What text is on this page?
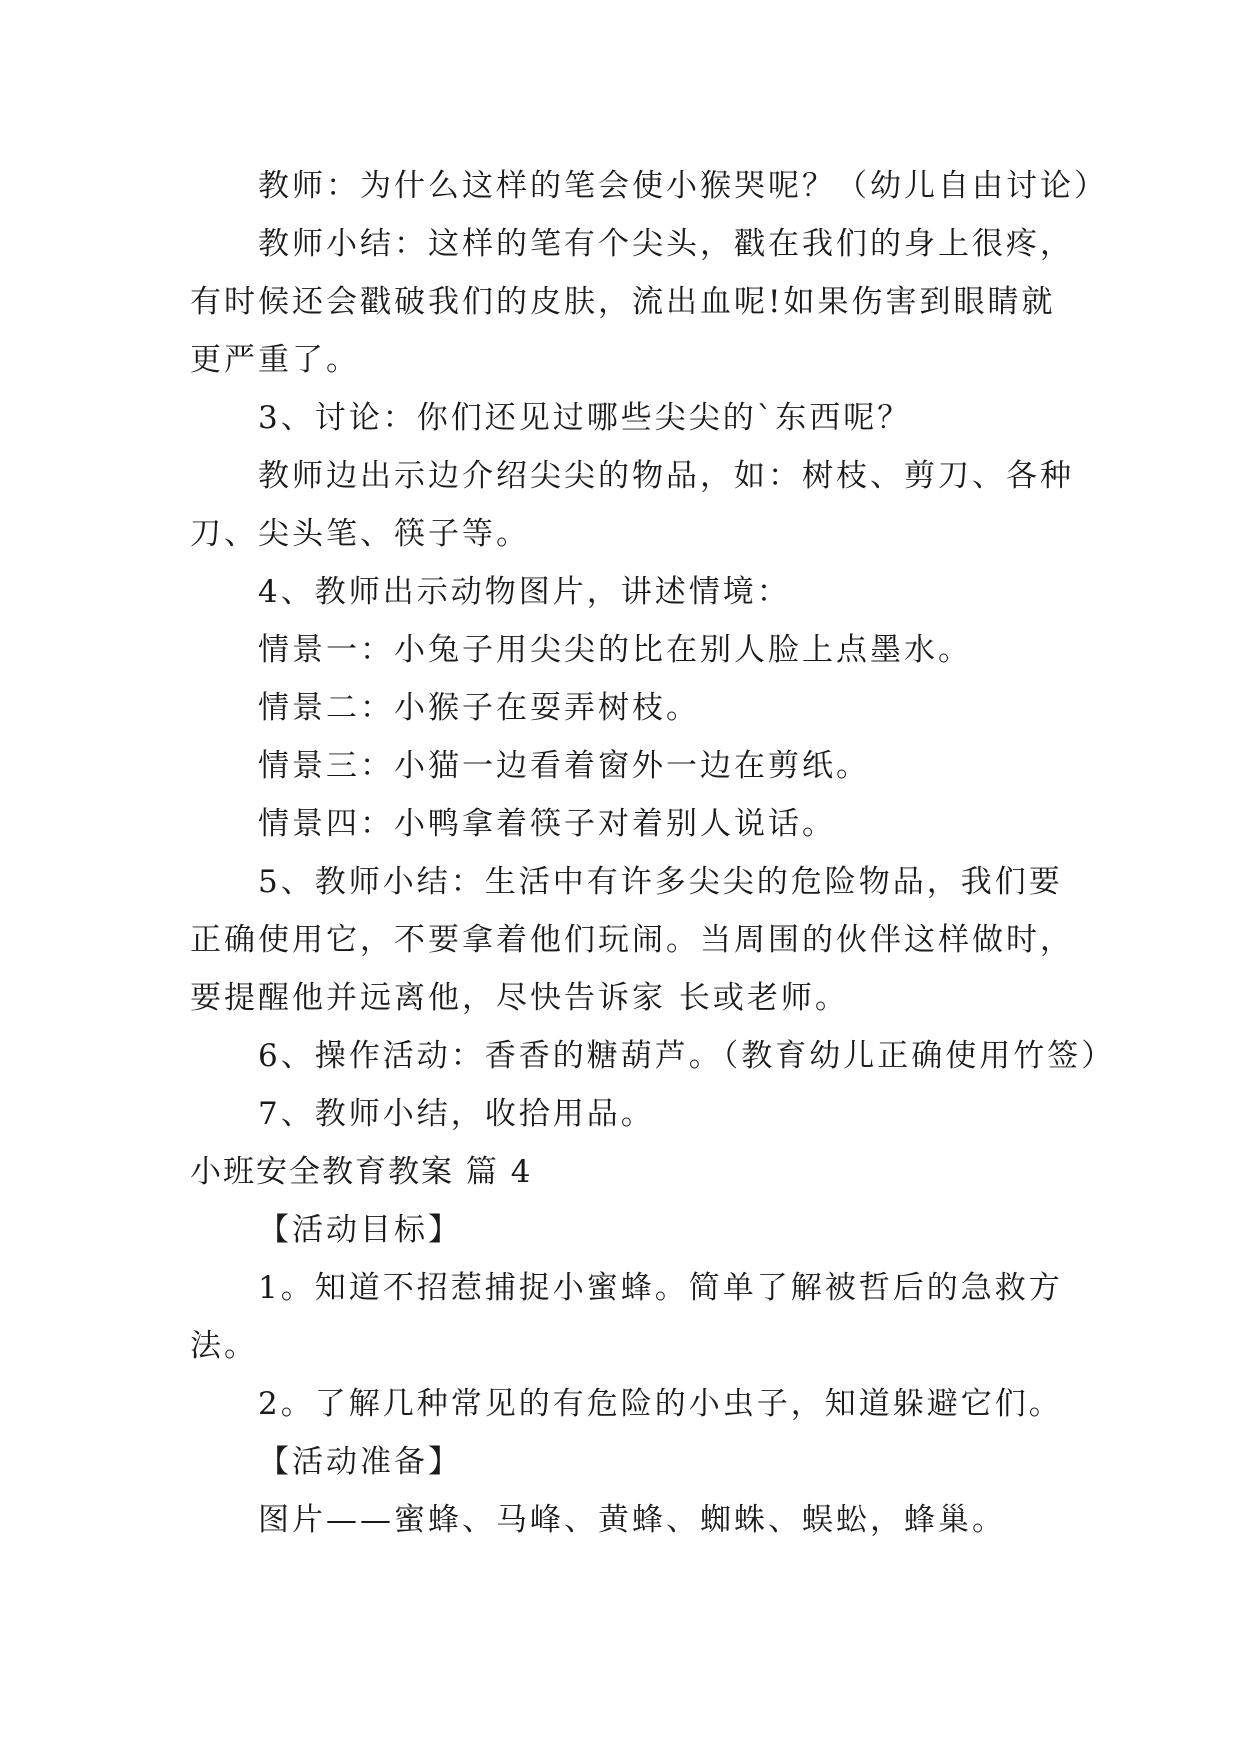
教师：为什么这样的笔会使小猴哭呢？（幼儿自由讨论）
教师小结：这样的笔有个尖头，戳在我们的身上很疼，
有时候还会戳破我们的皮肤，流出血呢!如果伤害到眼睛就
更严重了。
3、讨论：你们还见过哪些尖尖的`东西呢？
教师边出示边介绍尖尖的物品，如：树枝、剪刀、各种
刀、尖头笔、筷子等。
4、教师出示动物图片，讲述情境：
情景一：小兔子用尖尖的比在别人脸上点墨水。
情景二：小猴子在耍弄树枝。
情景三：小猫一边看着窗外一边在剪纸。
情景四：小鸭拿着筷子对着别人说话。
5、教师小结：生活中有许多尖尖的危险物品，我们要
正确使用它，不要拿着他们玩闹。当周围的伙伴这样做时，
要提醒他并远离他，尽快告诉家 长或老师。
6、操作活动：香香的糖葫芦。（教育幼儿正确使用竹签）
7、教师小结，收拾用品。
小班安全教育教案 篇 4
【活动目标】
1。知道不招惹捕捉小蜜蜂。简单了解被哲后的急救方
法。
2。了解几种常见的有危险的小虫子，知道躲避它们。
【活动准备】
图片——蜜蜂、马峰、黄蜂、蜘蛛、蜈蚣，蜂巢。
